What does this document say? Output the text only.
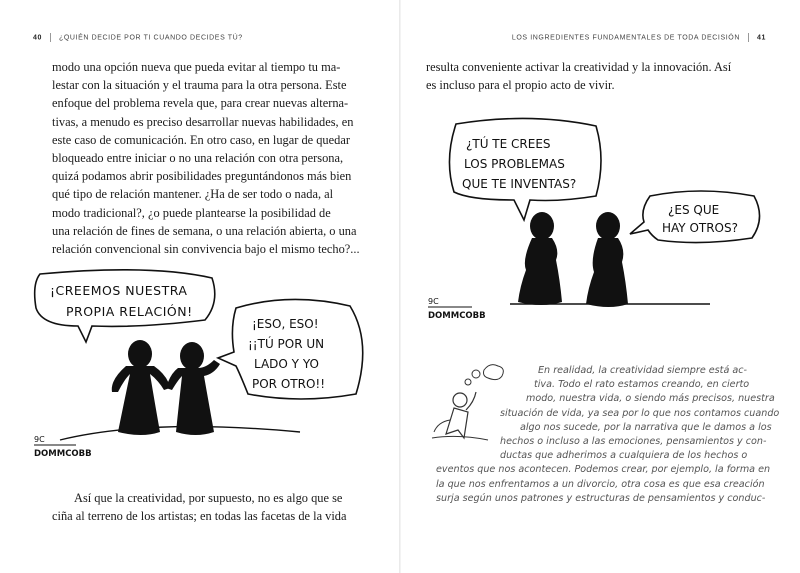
40 ¿QUIÉN DECIDE POR TI CUANDO DECIDES TÚ?
modo una opción nueva que pueda evitar al tiempo tu ma-
lestar con la situación y el trauma para la otra persona. Este
enfoque del problema revela que, para crear nuevas alterna-
tivas, a menudo es preciso desarrollar nuevas habilidades, en
este caso de comunicación. En otro caso, en lugar de quedar
bloqueado entre iniciar o no una relación con otra persona,
quizá podamos abrir posibilidades preguntándonos más bien
qué tipo de relación mantener. ¿Ha de ser todo o nada, al
modo tradicional?, ¿o puede plantearse la posibilidad de
una relación de fines de semana, o una relación abierta, o una
relación convencional sin convivencia bajo el mismo techo?...
¡CREEMOS NUESTRA
PROPIA RELACIÓN!
¡ESO, ESO!
¡¡TÚ POR UN
LADO Y YO
POR OTRO!!
9C
DOMMCOBB
Así que la creatividad, por supuesto, no es algo que se
ciña al terreno de los artistas; en todas las facetas de la vida
LOS INGREDIENTES FUNDAMENTALES DE TODA DECISIÓN 41
resulta conveniente activar la creatividad y la innovación. Así
es incluso para el propio acto de vivir.
¿TÚ TE CREES
LOS PROBLEMAS
QUE TE INVENTAS?
¿ES QUE
HAY OTROS?
9C
DOMMCOBB
En realidad, la creatividad siempre está ac-
tiva. Todo el rato estamos creando, en cierto
modo, nuestra vida, o siendo más precisos, nuestra
situación de vida, ya sea por lo que nos contamos cuando
algo nos sucede, por la narrativa que le damos a los
hechos o incluso a las emociones, pensamientos y con-
ductas que adherimos a cualquiera de los hechos o
eventos que nos acontecen. Podemos crear, por ejemplo, la forma en
la que nos enfrentamos a un divorcio, otra cosa es que esa creación
surja según unos patrones y estructuras de pensamientos y conduc-
